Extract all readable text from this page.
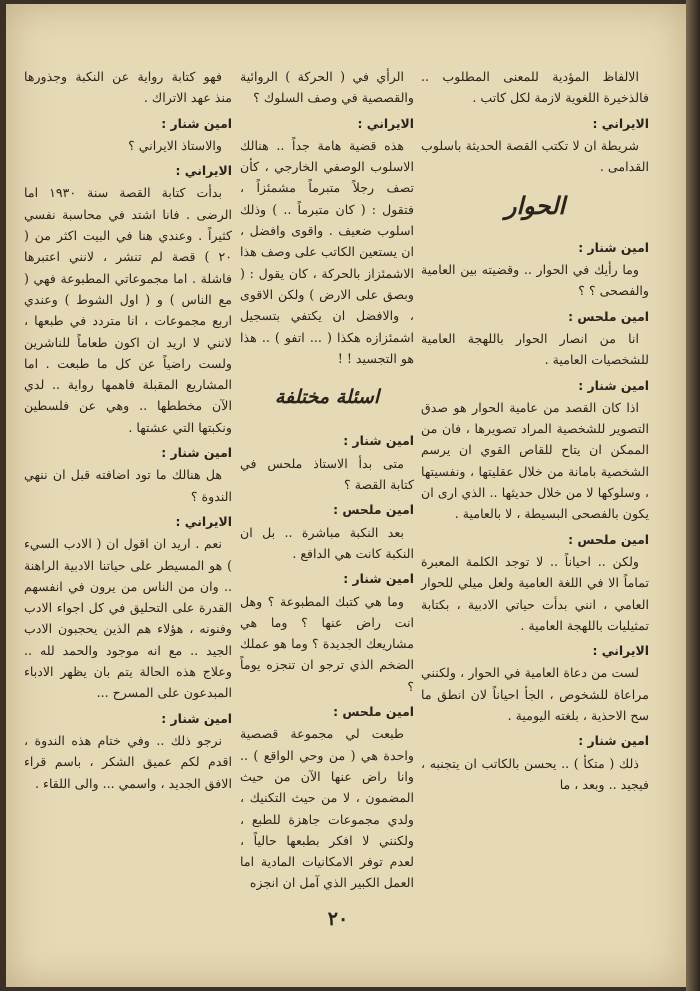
الالفاظ المؤدية للمعنى المطلوب .. فالذخيرة اللغوية لازمة لكل كاتب .

الايراني :

شريطة ان لا تكتب القصة الحديثة باسلوب القدامى .

الحوار

امين شنار :

وما رأيك في الحوار .. وقضيته بين العامية والفصحى ؟ ؟

امين ملحس :

انا من انصار الحوار باللهجة العامية للشخصيات العامية .

امين شنار :

اذا كان القصد من عامية الحوار هو صدق التصوير للشخصية المراد تصويرها ، فان من الممكن ان يتاح للقاص القوي ان يرسم الشخصية بامانة من خلال عقليتها ، ونفسيتها ، وسلوكها لا من خلال حديثها .. الذي ارى ان يكون بالفصحى البسيطة ، لا بالعامية .

امين ملحس :

ولكن .. احياناً .. لا توجد الكلمة المعبرة تماماً الا في اللغة العامية ولعل ميلي للحوار العامي ، انني بدأت حياتي الادبية ، بكتابة تمثيليات باللهجة العامية .

الايراني :

لست من دعاة العامية في الحوار ، ولكنني مراعاة للشخوص ، الجأ احياناً لان انطق ما سح الاحذية ، بلغته اليومية .

امين شنار :

ذلك ( متكأ ) .. يحسن بالكاتب ان يتجنبه ، فيجيد .. وبعد ، ما

الرأي في ( الحركة ) الروائية والقصصية في وصف السلوك ؟

الايراني :

هذه قضية هامة جداً .. هنالك الاسلوب الوصفي الخارجي ، كأن تصف رجلاً متبرماً مشمئزاً ، فتقول : ( كان متبرماً .. ) وذلك اسلوب ضعيف . واقوى وافضل ، ان يستعين الكاتب على وصف هذا الاشمئزاز بالحركة ، كان يقول : ( وبصق على الارض ) ولكن الاقوى ، والافضل ان يكتفي بتسجيل اشمئزازه هكذا ( ... اتفو ) .. هذا هو التجسيد ! !

اسئلة مختلفة

امين شنار :

متى بدأ الاستاذ ملحس في كتابة القصة ؟

امين ملحس :

بعد النكبة مباشرة .. بل ان النكبة كانت هي الدافع .

امين شنار :

وما هي كتبك المطبوعة ؟ وهل انت راض عنها ؟ وما هي مشاريعك الجديدة ؟ وما هو عملك الضخم الذي ترجو ان تنجزه يوماً ؟

امين ملحس :

طبعت لي مجموعة قصصية واحدة هي ( من وحي الواقع ) .. وانا راض عنها الآن من حيث المضمون ، لا من حيث التكنيك ، ولدي مجموعات جاهزة للطبع ، ولكنني لا افكر بطبعها حالياً ، لعدم توفر الامكانيات المادية اما العمل الكبير الذي آمل ان انجزه

فهو كتابة رواية عن النكبة وجذورها منذ عهد الاتراك .

امين شنار :

والاستاذ الايراني ؟

الايراني :

بدأت كتابة القصة سنة ١٩٣٠ اما الرضى . فانا اشتد في محاسبة نفسي كثيراً . وعندي هنا في البيت اكثر من ( ٢٠ ) قصة لم تنشر ، لانني اعتبرها فاشلة . اما مجموعاتي المطبوعة فهي ( مع الناس ) و ( اول الشوط ) وعندي اربع مجموعات ، انا متردد في طبعها ، لانني لا اريد ان اكون طعاماً للناشرين ولست راضياً عن كل ما طبعت . اما المشاريع المقبلة فاهمها رواية .. لدي الآن مخططها .. وهي عن فلسطين ونكبتها التي عشتها .

امين شنار :

هل هنالك ما تود اضافته قبل ان ننهي الندوة ؟

الايراني :

نعم . اريد ان اقول ان ( الادب السيء ) هو المسيطر على حياتنا الادبية الراهنة .. وان من الناس من يرون في انفسهم القدرة على التحليق في كل اجواء الادب وفنونه ، هؤلاء هم الذين يحجبون الادب الجيد .. مع انه موجود والحمد لله .. وعلاج هذه الحالة يتم بان يظهر الادباء المبدعون على المسرح ...

امين شنار :

نرجو ذلك .. وفي ختام هذه الندوة ، اقدم لكم عميق الشكر ، باسم قراء الافق الجديد ، واسمي ... والى اللقاء .

٢٠
